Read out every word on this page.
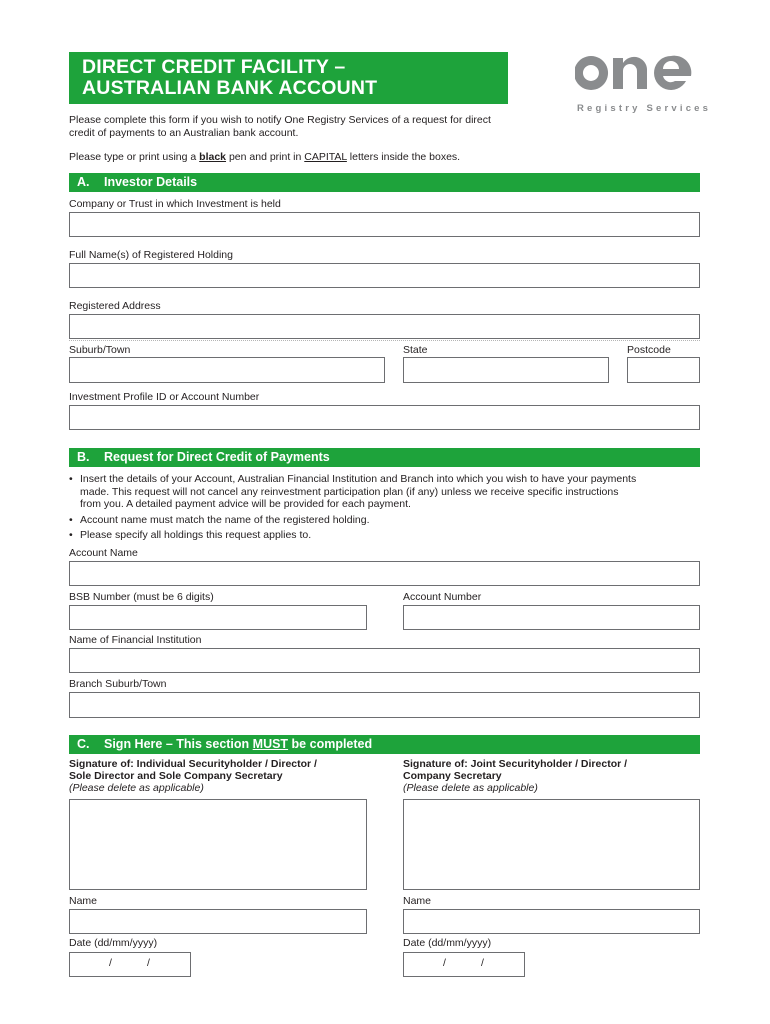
DIRECT CREDIT FACILITY –
AUSTRALIAN BANK ACCOUNT
Registry Services
Please complete this form if you wish to notify One Registry Services of a request for direct credit of payments to an Australian bank account.
Please type or print using a black pen and print in CAPITAL letters inside the boxes.
A. Investor Details
Company or Trust in which Investment is held
Full Name(s) of Registered Holding
Registered Address
Suburb/Town	State	Postcode
Investment Profile ID or Account Number
B. Request for Direct Credit of Payments
• Insert the details of your Account, Australian Financial Institution and Branch into which you wish to have your payments
made. This request will not cancel any reinvestment participation plan (if any) unless we receive specific instructions
from you. A detailed payment advice will be provided for each payment.
• Account name must match the name of the registered holding.
• Please specify all holdings this request applies to.
Account Name
BSB Number (must be 6 digits)	Account Number
Name of Financial Institution
Branch Suburb/Town
C. Sign Here – This section MUST be completed
Signature of: Individual Securityholder / Director /
Sole Director and Sole Company Secretary
(Please delete as applicable)
Signature of: Joint Securityholder / Director /
Company Secretary
(Please delete as applicable)
Name	Name
Date (dd/mm/yyyy)	Date (dd/mm/yyyy)
/	/	/	/
